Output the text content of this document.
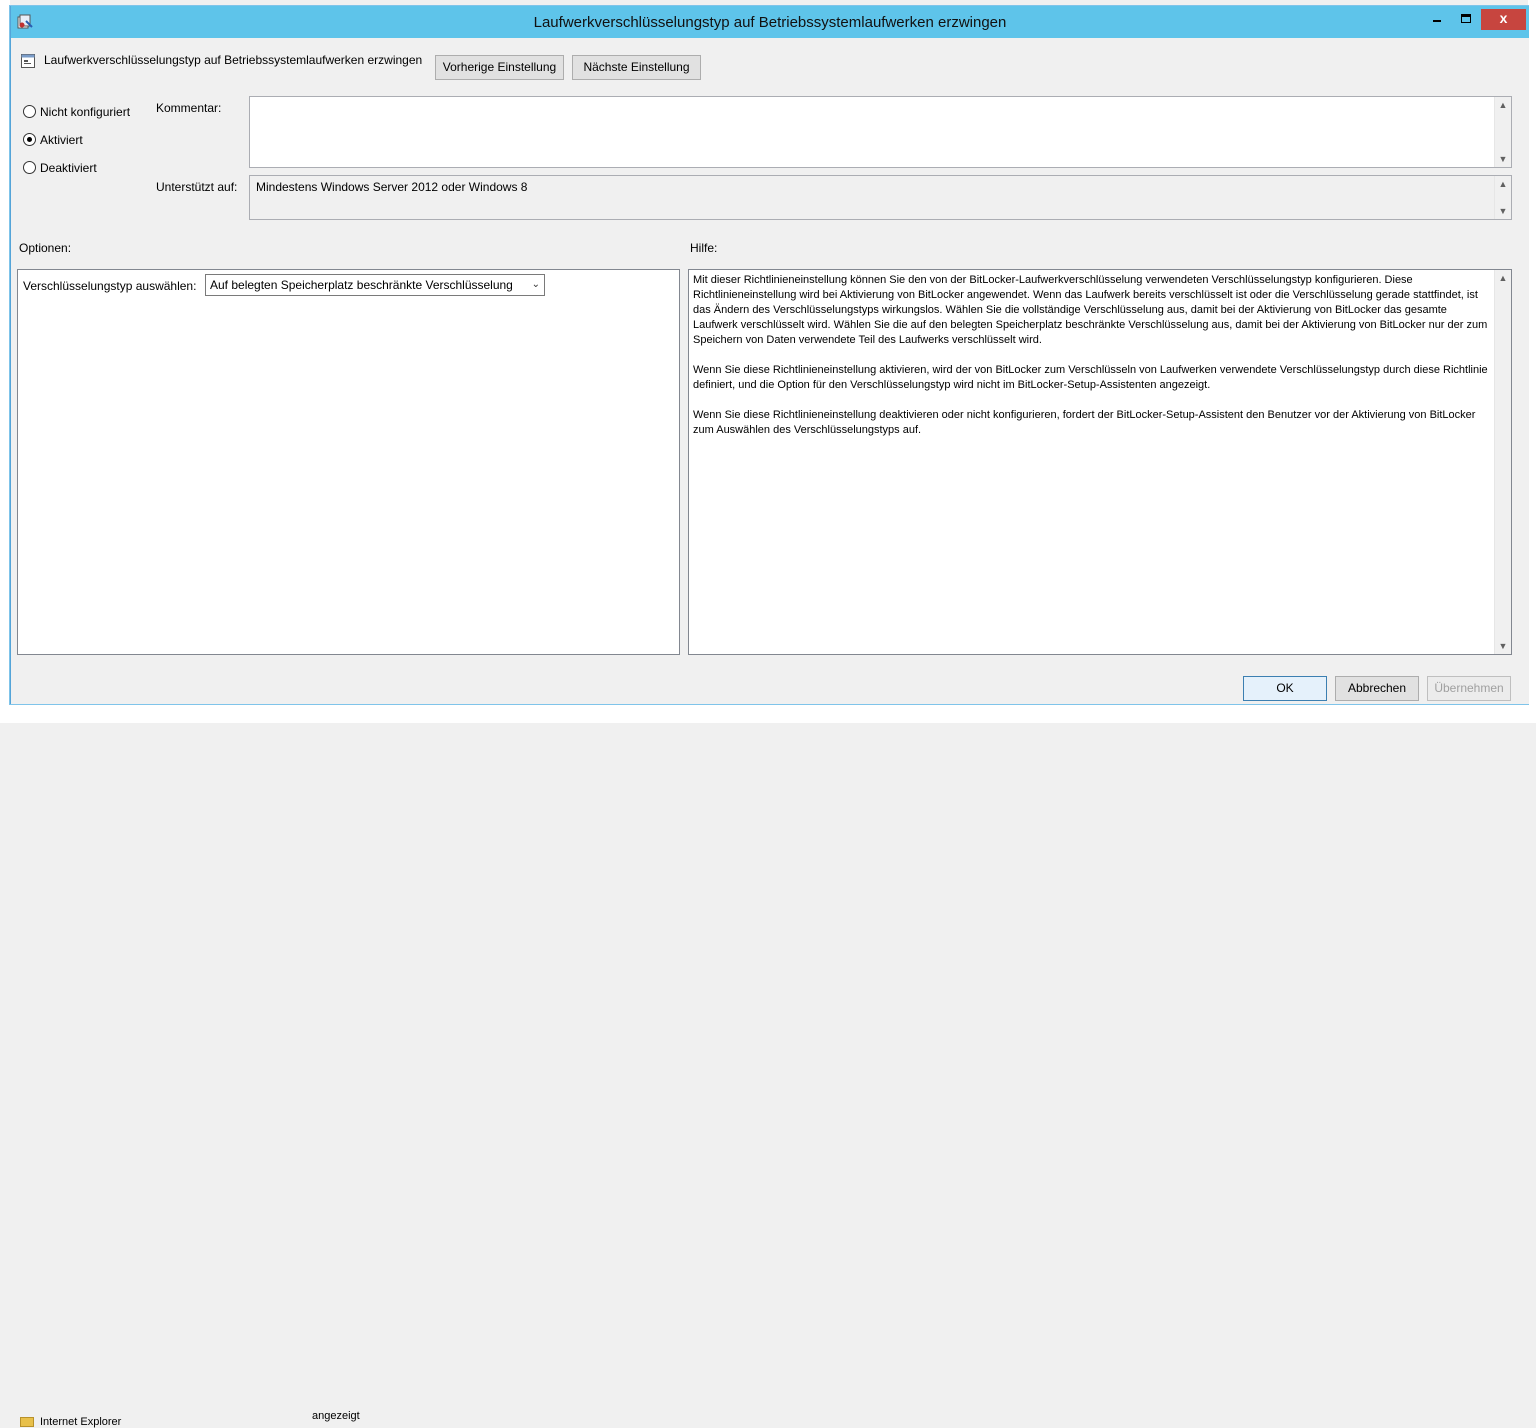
Internet Explorer	angezeigt
Laufwerkverschlüsselungstyp auf Betriebssystemlaufwerken erzwingen	x
Laufwerkverschlüsselungstyp auf Betriebssystemlaufwerken erzwingen	Vorherige Einstellung	Nächste Einstellung
Nicht konfiguriert
Aktiviert
Deaktiviert
Kommentar:	▲
▼
Unterstützt auf: Mindestens Windows Server 2012 oder Windows 8	▲
▼
Optionen:	Hilfe:
Verschlüsselungstyp auswählen:	Auf belegten Speicherplatz beschränkte Verschlüsselung ⌄	Mit dieser Richtlinieneinstellung können Sie den von der BitLocker-Laufwerkverschlüsselung verwendeten Verschlüsselungstyp konfigurieren. Diese Richtlinieneinstellung wird bei Aktivierung von BitLocker angewendet. Wenn das Laufwerk bereits verschlüsselt ist oder die Verschlüsselung gerade stattfindet, ist das Ändern des Verschlüsselungstyps wirkungslos. Wählen Sie die vollständige Verschlüsselung aus, damit bei der Aktivierung von BitLocker das gesamte Laufwerk verschlüsselt wird. Wählen Sie die auf den belegten Speicherplatz beschränkte Verschlüsselung aus, damit bei der Aktivierung von BitLocker nur der zum Speichern von Daten verwendete Teil des Laufwerks verschlüsselt wird.

Wenn Sie diese Richtlinieneinstellung aktivieren, wird der von BitLocker zum Verschlüsseln von Laufwerken verwendete Verschlüsselungstyp durch diese Richtlinie definiert, und die Option für den Verschlüsselungstyp wird nicht im BitLocker-Setup-Assistenten angezeigt.

Wenn Sie diese Richtlinieneinstellung deaktivieren oder nicht konfigurieren, fordert der BitLocker-Setup-Assistent den Benutzer vor der Aktivierung von BitLocker zum Auswählen des Verschlüsselungstyps auf.

▲
▼
OK	Abbrechen	Übernehmen
